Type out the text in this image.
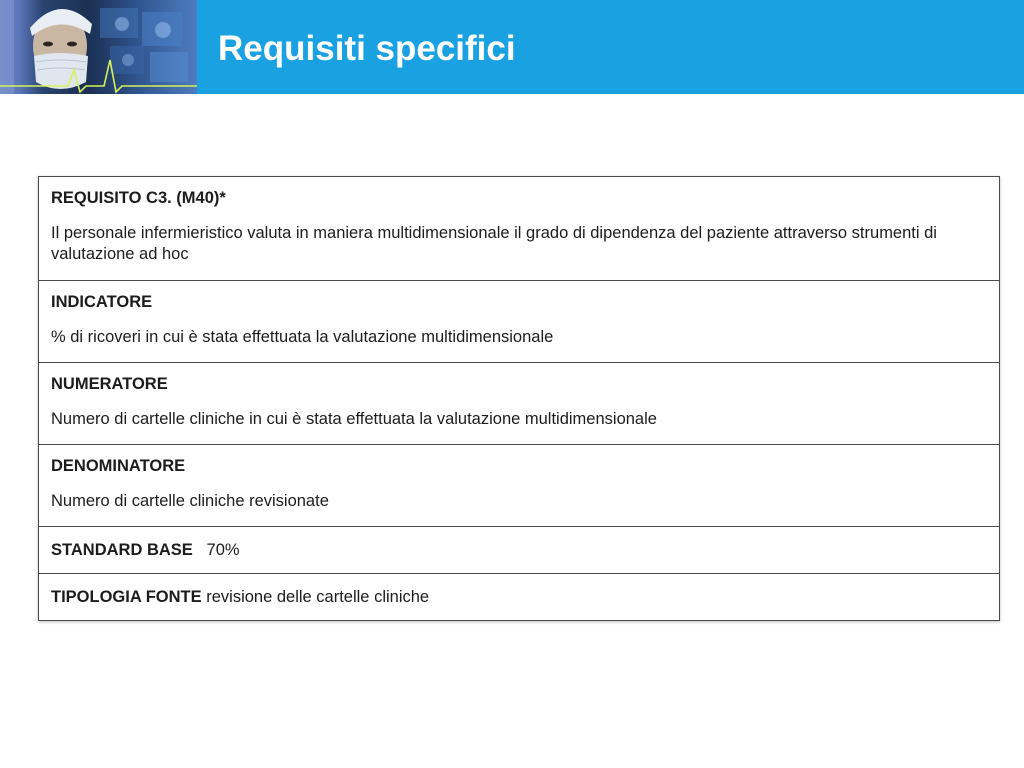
Requisiti specifici
REQUISITO C3. (M40)*
Il personale infermieristico valuta in maniera multidimensionale il grado di dipendenza del paziente attraverso strumenti di valutazione ad hoc

INDICATORE
% di ricoveri in cui è stata effettuata la valutazione multidimensionale

NUMERATORE
Numero di cartelle cliniche in cui è stata effettuata la valutazione multidimensionale

DENOMINATORE
Numero di cartelle cliniche revisionate

STANDARD BASE 70%
TIPOLOGIA FONTE revisione delle cartelle cliniche
